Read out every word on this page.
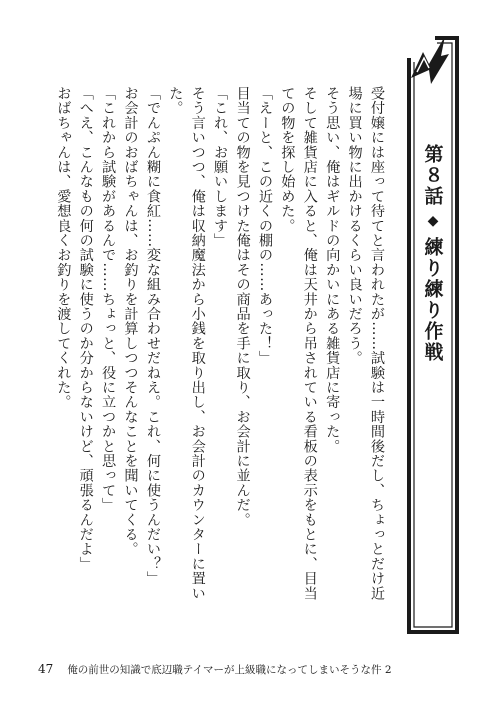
第８話
◆
練り練り作戦

受付嬢には座って待てと言われたが……試験は一時間後だし、ちょっとだけ近場に買い物に出かけるくらい良いだろう。

そう思い、俺はギルドの向かいにある雑貨店に寄った。

そして雑貨店に入ると、俺は天井から吊されている看板の表示をもとに、目当ての物を探し始めた。

「えーと、この近くの棚の……あった！」

目当ての物を見つけた俺はその商品を手に取り、お会計に並んだ。

「これ、お願いします」

そう言いつつ、俺は収納魔法から小銭を取り出し、お会計のカウンターに置いた。

「でんぷん糊に食紅……変な組み合わせだねえ。これ、何に使うんだい？」

お会計のおばちゃんは、お釣りを計算しつつそんなことを聞いてくる。

「これから試験があるんで……ちょっと、役に立つかと思って」

「へえ、こんなもの何の試験に使うのか分からないけど、頑張るんだよ」

おばちゃんは、愛想良くお釣りを渡してくれた。

47 俺の前世の知識で底辺職テイマーが上級職になってしまいそうな件 2
